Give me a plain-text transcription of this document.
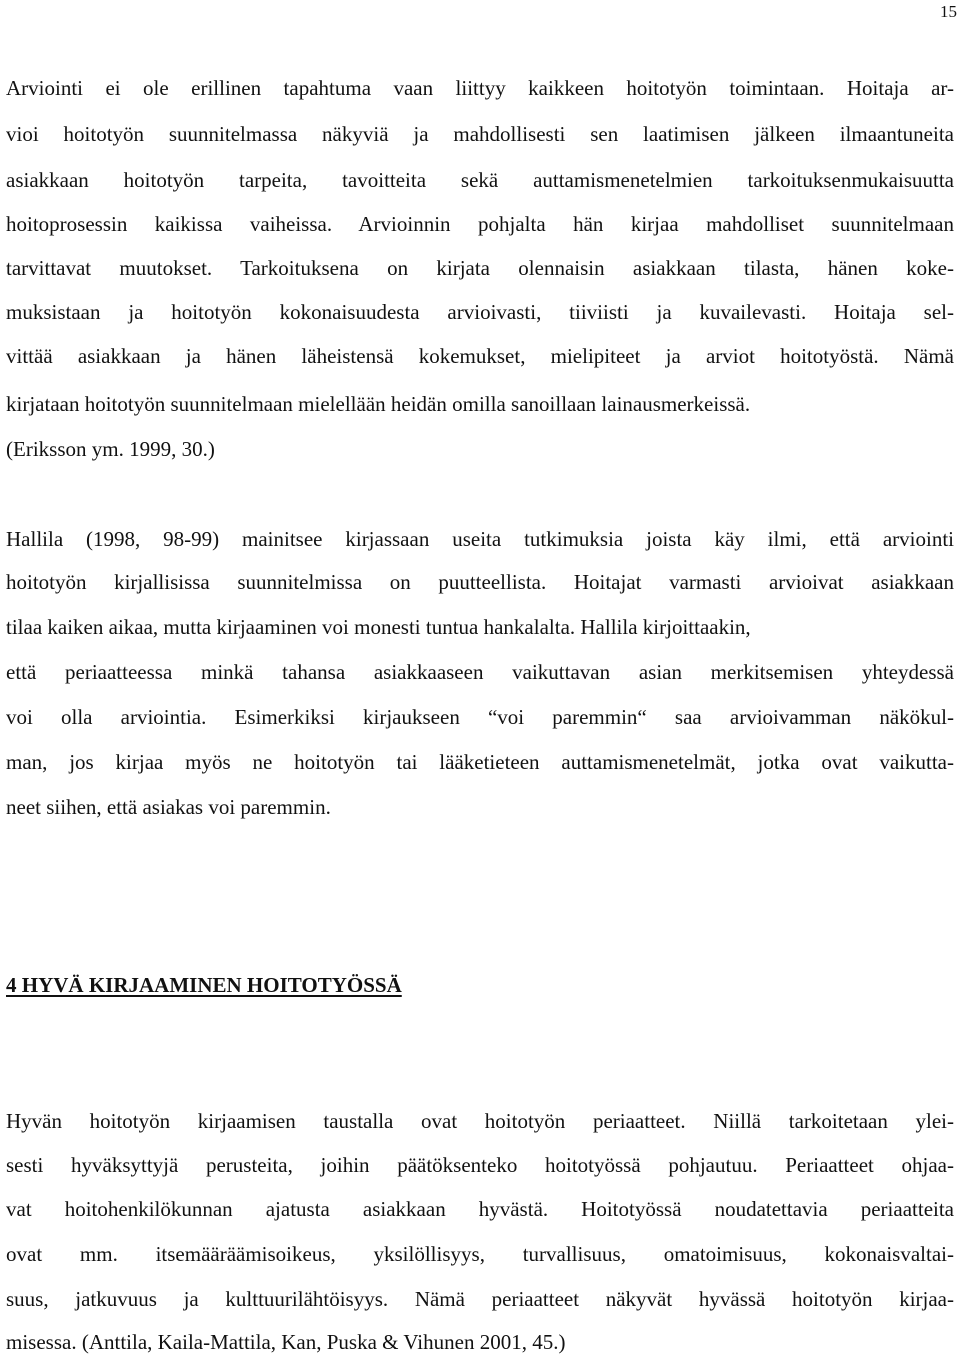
15
Arviointi ei ole erillinen tapahtuma vaan liittyy kaikkeen hoitotyön toimintaan. Hoitaja ar-
vioi hoitotyön suunnitelmassa näkyviä ja mahdollisesti sen laatimisen jälkeen ilmaantuneita
asiakkaan hoitotyön tarpeita, tavoitteita sekä auttamismenetelmien tarkoituksenmukaisuutta
hoitoprosessin kaikissa vaiheissa. Arvioinnin pohjalta hän kirjaa mahdolliset suunnitelmaan
tarvittavat muutokset. Tarkoituksena on kirjata olennaisin asiakkaan tilasta, hänen koke-
muksistaan ja hoitotyön kokonaisuudesta arvioivasti, tiiviisti ja kuvailevasti. Hoitaja sel-
vittää asiakkaan ja hänen läheistensä kokemukset, mielipiteet ja arviot hoitotyöstä. Nämä
kirjataan hoitotyön suunnitelmaan mielellään heidän omilla sanoillaan lainausmerkeissä.
(Eriksson ym. 1999, 30.)
Hallila (1998, 98-99) mainitsee kirjassaan useita tutkimuksia joista käy ilmi, että arviointi
hoitotyön kirjallisissa suunnitelmissa on puutteellista. Hoitajat varmasti arvioivat asiakkaan
tilaa kaiken aikaa, mutta kirjaaminen voi monesti tuntua hankalalta. Hallila kirjoittaakin,
että periaatteessa minkä tahansa asiakkaaseen vaikuttavan asian merkitsemisen yhteydessä
voi olla arviointia. Esimerkiksi kirjaukseen “voi paremmin“ saa arvioivamman näkökul-
man, jos kirjaa myös ne hoitotyön tai lääketieteen auttamismenetelmät, jotka ovat vaikutta-
neet siihen, että asiakas voi paremmin.
4 HYVÄ KIRJAAMINEN HOITOTYÖSSÄ
Hyvän hoitotyön kirjaamisen taustalla ovat hoitotyön periaatteet. Niillä tarkoitetaan ylei-
sesti hyväksyttyjä perusteita, joihin päätöksenteko hoitotyössä pohjautuu. Periaatteet ohjaa-
vat hoitohenkilökunnan ajatusta asiakkaan hyvästä. Hoitotyössä noudatettavia periaatteita
ovat mm. itsemääräämisoikeus, yksilöllisyys, turvallisuus, omatoimisuus, kokonaisvaltai-
suus, jatkuvuus ja kulttuurilähtöisyys. Nämä periaatteet näkyvät hyvässä hoitotyön kirjaa-
misessa. (Anttila, Kaila-Mattila, Kan, Puska & Vihunen 2001, 45.)
